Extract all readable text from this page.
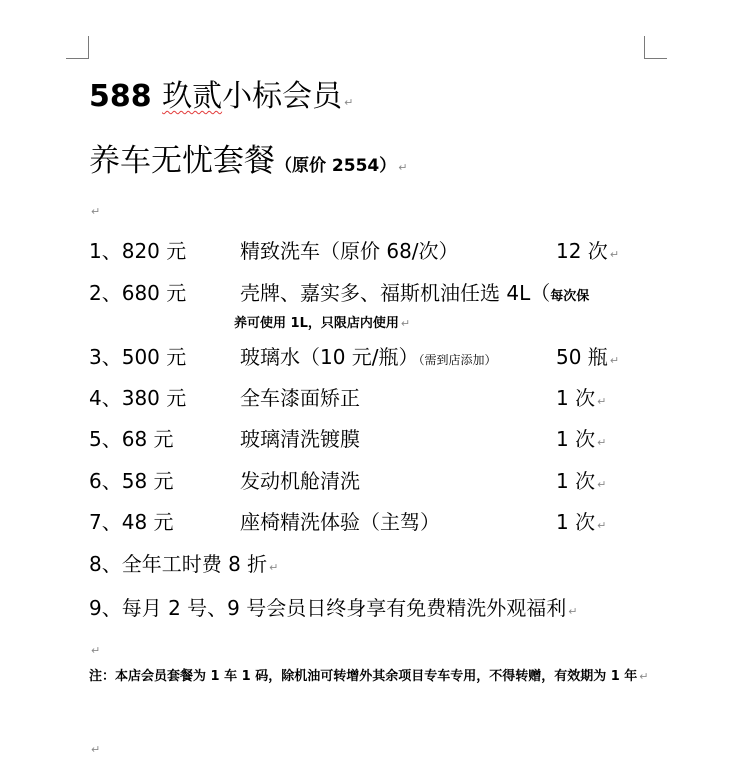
588 玖贰小标会员 ↵
养车无忧套餐（原价 2554） ↵
↵
1、820 元	精致洗车（原价 68/次）	12 次 ↵
2、680 元	壳牌、嘉实多、福斯机油任选 4L（每次保
养可使用 1L，只限店内使用 ↵
3、500 元	玻璃水（10 元/瓶）（需到店添加）	50 瓶 ↵
4、380 元	全车漆面矫正	1 次 ↵
5、68 元	玻璃清洗镀膜	1 次 ↵
6、58 元	发动机舱清洗	1 次 ↵
7、48 元	座椅精洗体验（主驾）	1 次 ↵
8、全年工时费 8 折 ↵
9、每月 2 号、9 号会员日终身享有免费精洗外观福利 ↵
↵
注：本店会员套餐为 1 车 1 码，除机油可转增外其余项目专车专用，不得转赠，有效期为 1 年 ↵
↵
